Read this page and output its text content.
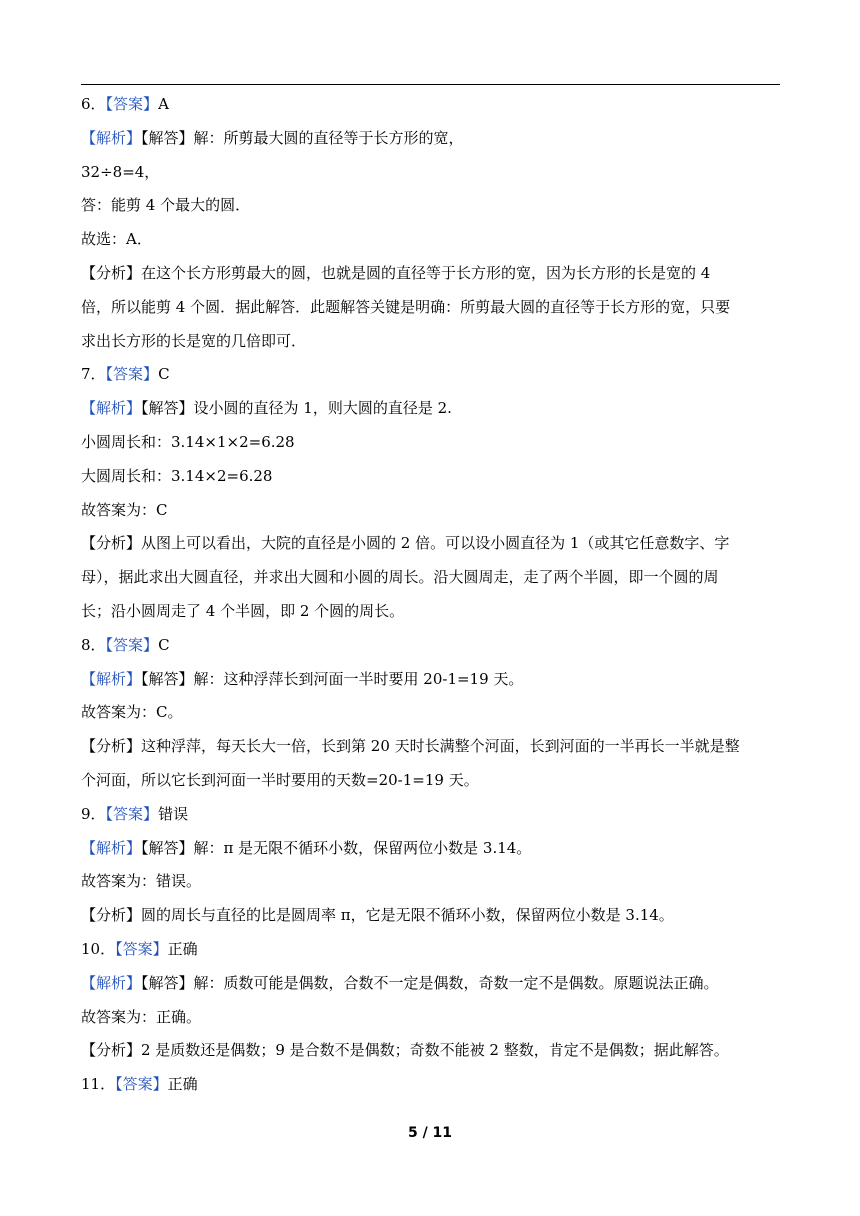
6．【答案】A
【解析】【解答】解：所剪最大圆的直径等于长方形的宽，
32÷8=4，
答：能剪 4 个最大的圆．
故选：A．
【分析】在这个长方形剪最大的圆，也就是圆的直径等于长方形的宽，因为长方形的长是宽的 4
倍，所以能剪 4 个圆．据此解答．此题解答关键是明确：所剪最大圆的直径等于长方形的宽，只要
求出长方形的长是宽的几倍即可．
7．【答案】C
【解析】【解答】设小圆的直径为 1，则大圆的直径是 2.
小圆周长和：3.14×1×2=6.28
大圆周长和：3.14×2=6.28
故答案为：C
【分析】从图上可以看出，大院的直径是小圆的 2 倍。可以设小圆直径为 1（或其它任意数字、字
母），据此求出大圆直径，并求出大圆和小圆的周长。沿大圆周走，走了两个半圆，即一个圆的周
长；沿小圆周走了 4 个半圆，即 2 个圆的周长。
8．【答案】C
【解析】【解答】解：这种浮萍长到河面一半时要用 20-1=19 天。
故答案为：C。
【分析】这种浮萍，每天长大一倍，长到第 20 天时长满整个河面，长到河面的一半再长一半就是整
个河面，所以它长到河面一半时要用的天数=20-1=19 天。
9．【答案】错误
【解析】【解答】解：π 是无限不循环小数，保留两位小数是 3.14。
故答案为：错误。
【分析】圆的周长与直径的比是圆周率 π，它是无限不循环小数，保留两位小数是 3.14。
10．【答案】正确
【解析】【解答】解：质数可能是偶数，合数不一定是偶数，奇数一定不是偶数。原题说法正确。
故答案为：正确。
【分析】2 是质数还是偶数；9 是合数不是偶数；奇数不能被 2 整数，肯定不是偶数；据此解答。
11．【答案】正确
5 / 11
